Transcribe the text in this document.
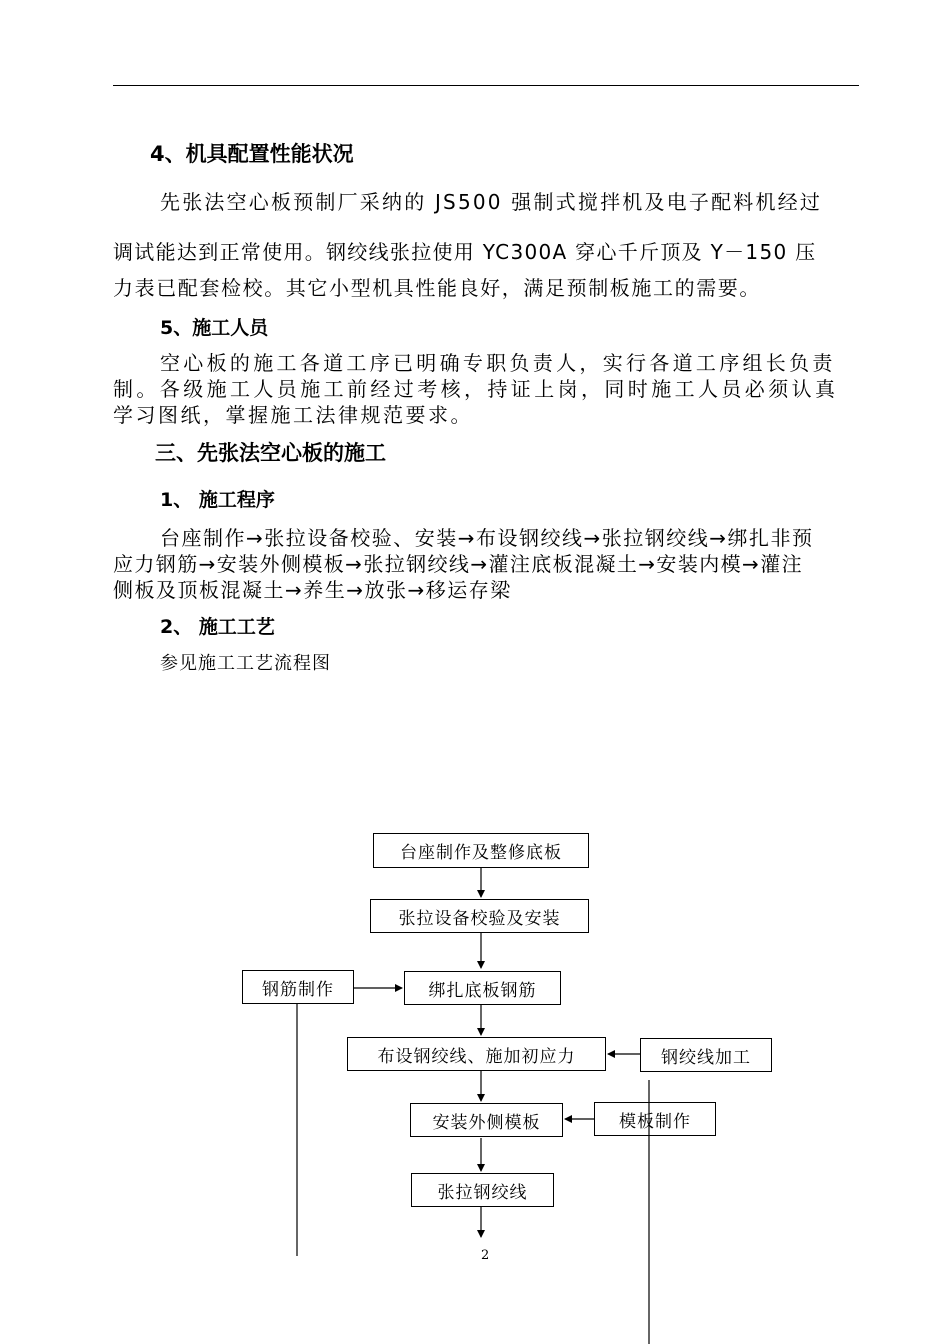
4、机具配置性能状况
先张法空心板预制厂采纳的 JS500 强制式搅拌机及电子配料机经过
调试能达到正常使用。钢绞线张拉使用 YC300A 穿心千斤顶及 Y－150 压
力表已配套检校。其它小型机具性能良好，满足预制板施工的需要。
5、施工人员
空心板的施工各道工序已明确专职负责人，实行各道工序组长负责
制。各级施工人员施工前经过考核，持证上岗，同时施工人员必须认真
学习图纸，掌握施工法律规范要求。
三、先张法空心板的施工
1、 施工程序
台座制作→张拉设备校验、安装→布设钢绞线→张拉钢绞线→绑扎非预
应力钢筋→安装外侧模板→张拉钢绞线→灌注底板混凝土→安装内模→灌注
侧板及顶板混凝土→养生→放张→移运存梁
2、 施工工艺
参见施工工艺流程图
台座制作及整修底板
张拉设备校验及安装
绑扎底板钢筋
布设钢绞线、施加初应力
安装外侧模板
张拉钢绞线
钢筋制作
钢绞线加工
模板制作
2
